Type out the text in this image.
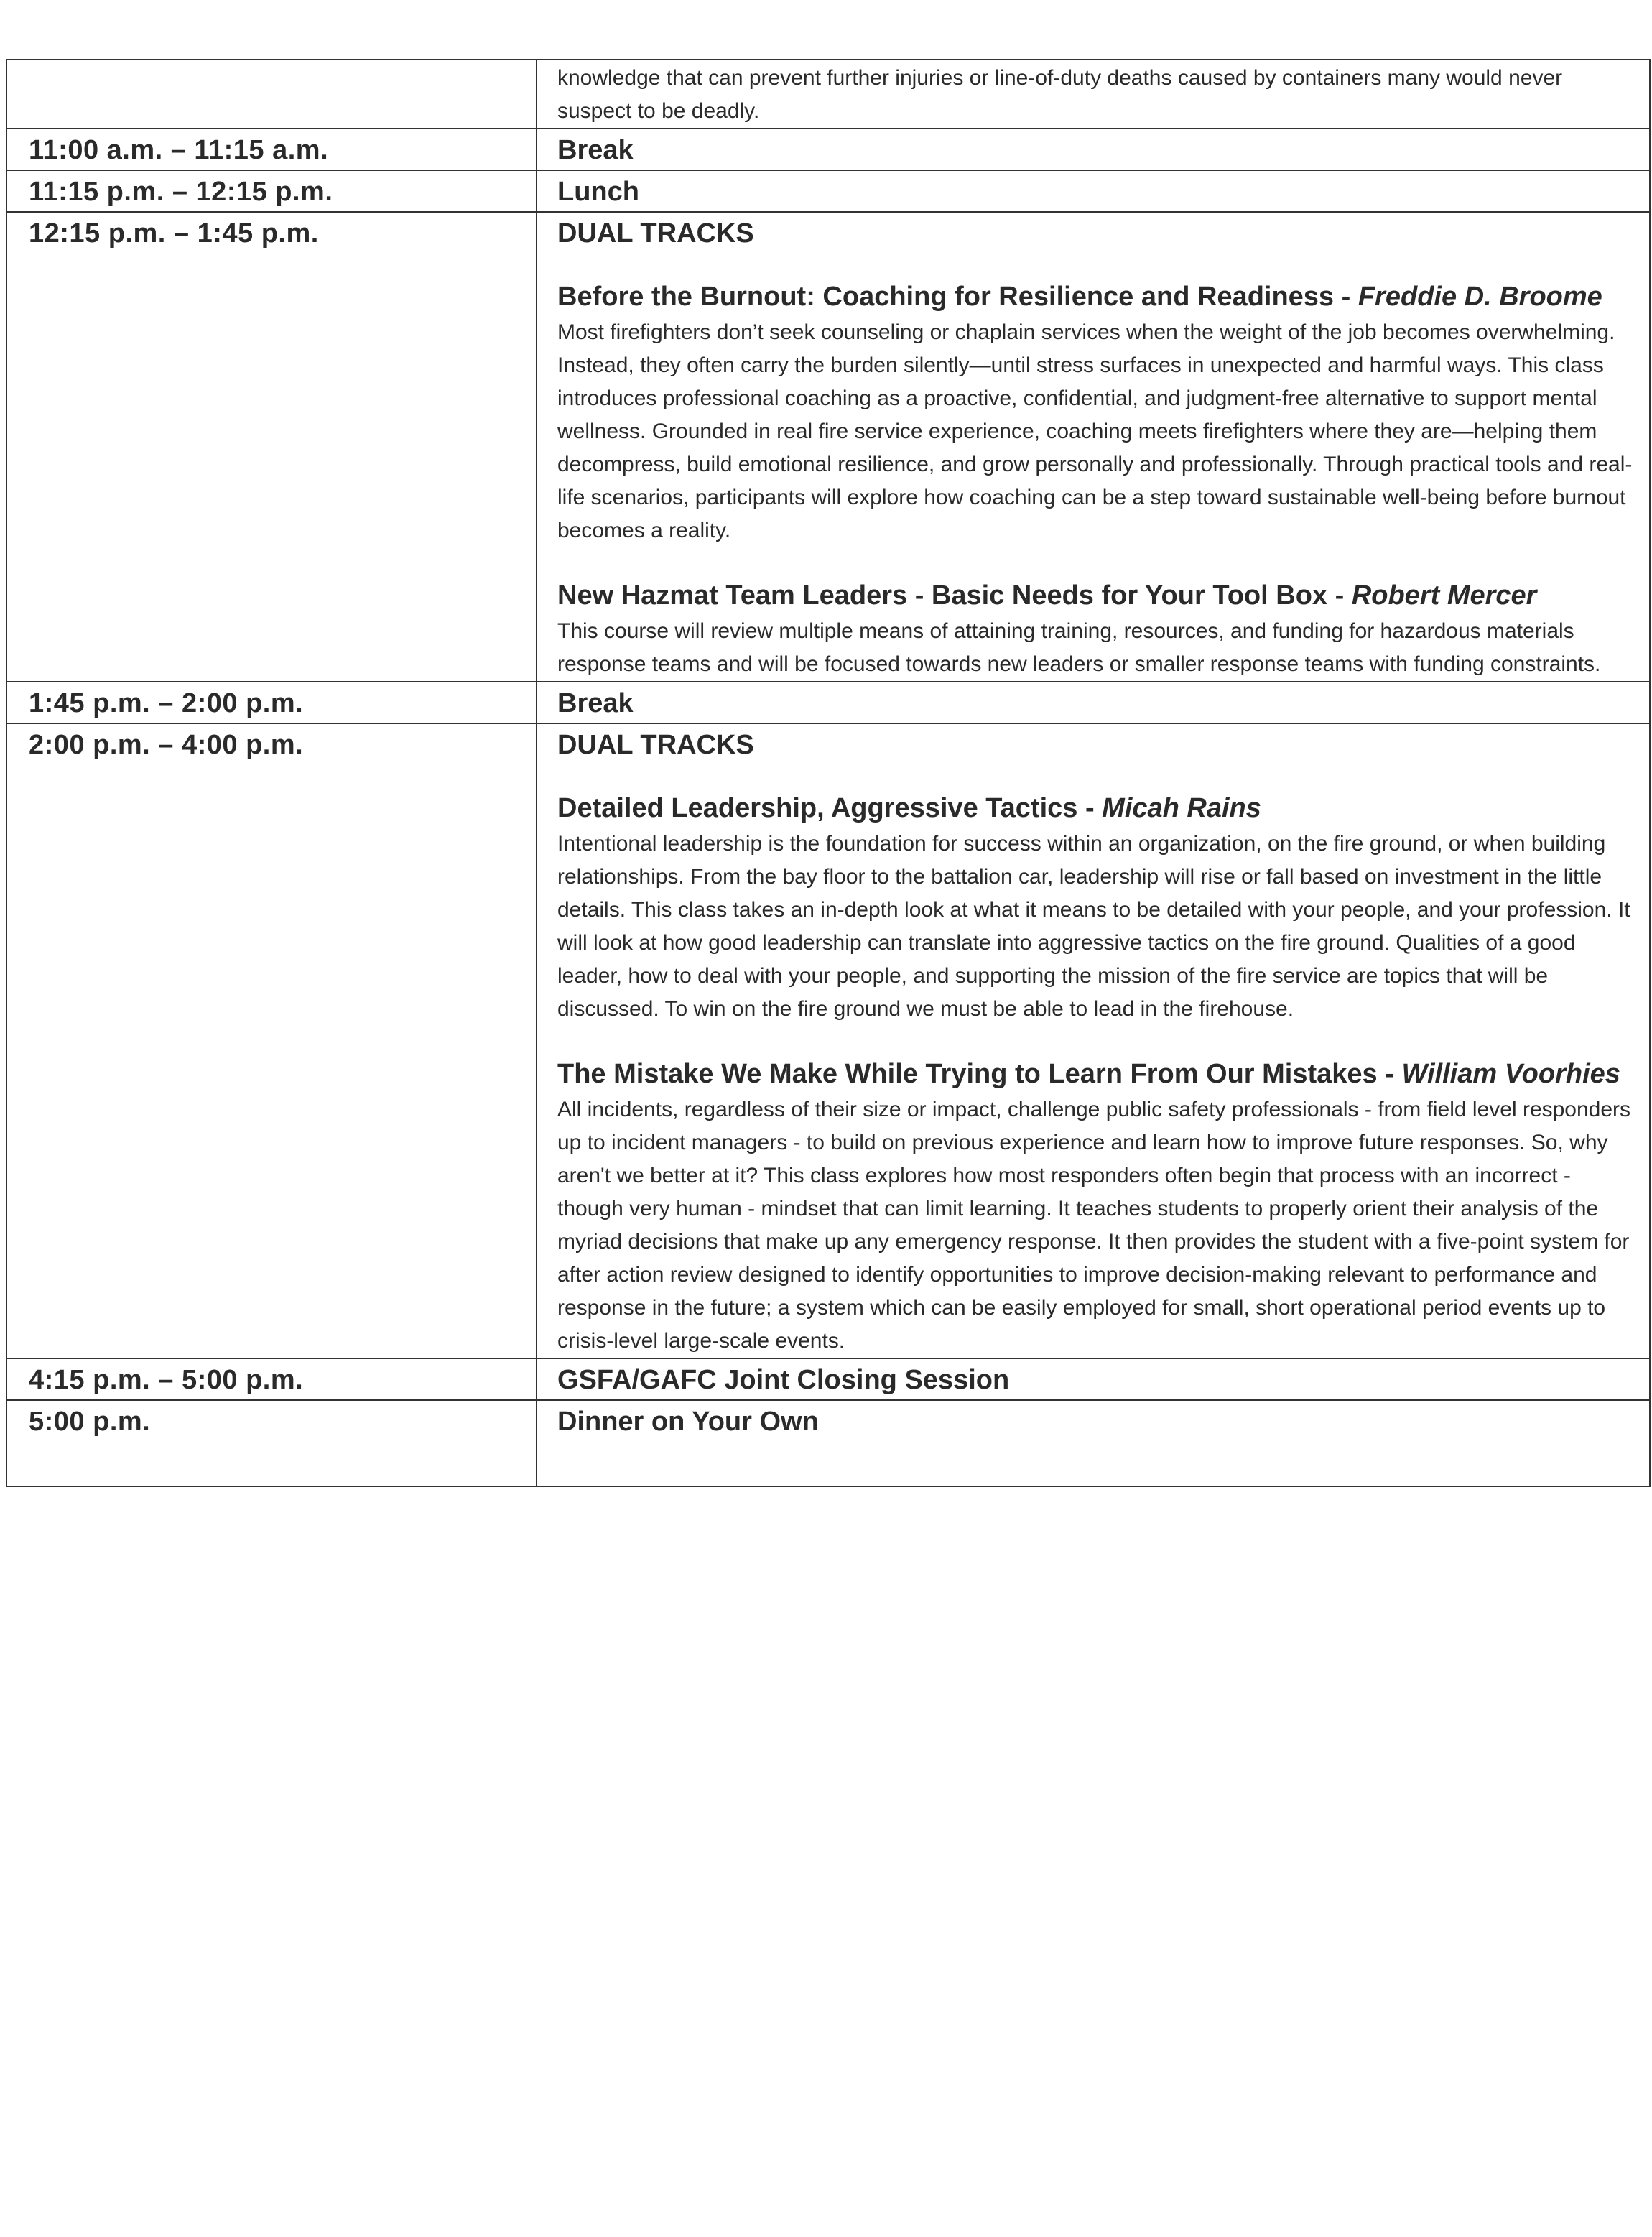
	knowledge that can prevent further injuries or line-of-duty deaths caused by containers many would never suspect to be deadly.

11:00 a.m. – 11:15 a.m.	Break

11:15 p.m. – 12:15 p.m.	Lunch

12:15 p.m. – 1:45 p.m.	DUAL TRACKS

Before the Burnout: Coaching for Resilience and Readiness - Freddie D. Broome

Most firefighters don’t seek counseling or chaplain services when the weight of the job becomes overwhelming. Instead, they often carry the burden silently—until stress surfaces in unexpected and harmful ways. This class introduces professional coaching as a proactive, confidential, and judgment-free alternative to support mental wellness. Grounded in real fire service experience, coaching meets firefighters where they are—helping them decompress, build emotional resilience, and grow personally and professionally. Through practical tools and real-life scenarios, participants will explore how coaching can be a step toward sustainable well-being before burnout becomes a reality.

New Hazmat Team Leaders - Basic Needs for Your Tool Box - Robert Mercer

This course will review multiple means of attaining training, resources, and funding for hazardous materials response teams and will be focused towards new leaders or smaller response teams with funding constraints.

1:45 p.m. – 2:00 p.m.	Break

2:00 p.m. – 4:00 p.m.	DUAL TRACKS

Detailed Leadership, Aggressive Tactics - Micah Rains

Intentional leadership is the foundation for success within an organization, on the fire ground, or when building relationships. From the bay floor to the battalion car, leadership will rise or fall based on investment in the little details. This class takes an in-depth look at what it means to be detailed with your people, and your profession. It will look at how good leadership can translate into aggressive tactics on the fire ground. Qualities of a good leader, how to deal with your people, and supporting the mission of the fire service are topics that will be discussed. To win on the fire ground we must be able to lead in the firehouse.

The Mistake We Make While Trying to Learn From Our Mistakes - William Voorhies

All incidents, regardless of their size or impact, challenge public safety professionals - from field level responders up to incident managers - to build on previous experience and learn how to improve future responses. So, why aren't we better at it? This class explores how most responders often begin that process with an incorrect - though very human - mindset that can limit learning. It teaches students to properly orient their analysis of the myriad decisions that make up any emergency response. It then provides the student with a five-point system for after action review designed to identify opportunities to improve decision-making relevant to performance and response in the future; a system which can be easily employed for small, short operational period events up to crisis-level large-scale events.

4:15 p.m. – 5:00 p.m.	GSFA/GAFC Joint Closing Session

5:00 p.m.	Dinner on Your Own
